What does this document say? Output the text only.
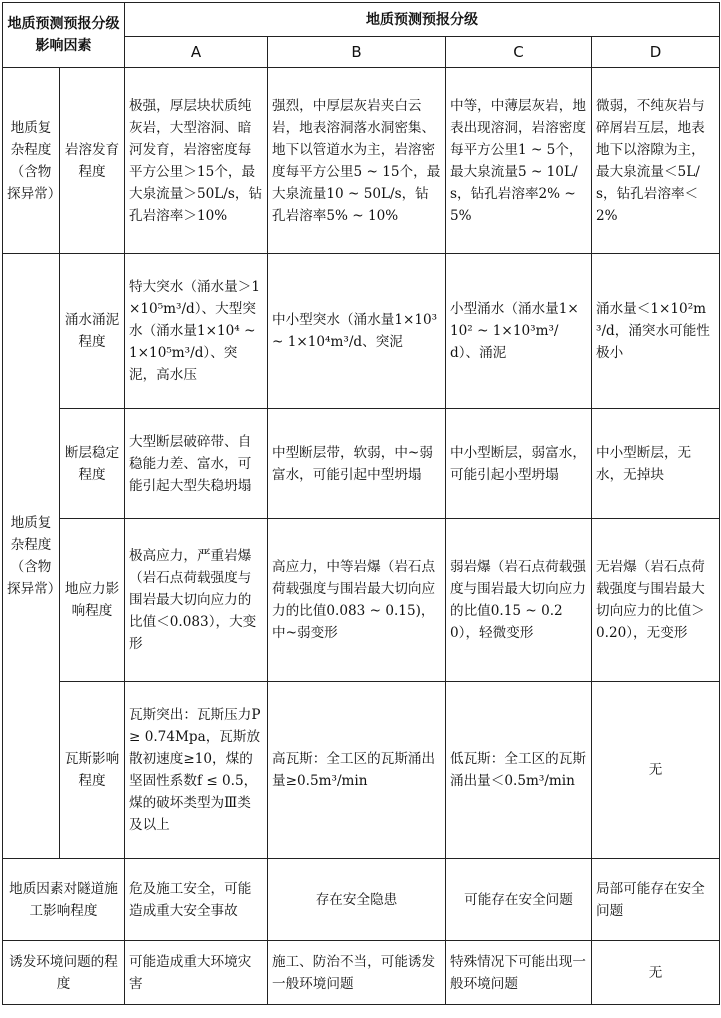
地质预测预报分级影响因素		地质预测预报分级			
		A	B	C	D
地质复杂程度（含物探异常）	岩溶发育程度	极强，厚层块状质纯灰岩，大型溶洞、暗河发育，岩溶密度每平方公里＞15个，最大泉流量＞50L/s，钻孔岩溶率＞10%	强烈，中厚层灰岩夹白云岩，地表溶洞落水洞密集、地下以管道水为主，岩溶密度每平方公里5 ~ 15个，最大泉流量10 ~ 50L/s，钻孔岩溶率5% ~ 10%	中等，中薄层灰岩，地表出现溶洞，岩溶密度每平方公里1 ~ 5个，最大泉流量5 ~ 10L/s，钻孔岩溶率2% ~ 5%	微弱，不纯灰岩与碎屑岩互层，地表地下以溶隙为主，最大泉流量＜5L/s，钻孔岩溶率＜2%
地质复杂程度（含物探异常）	涌水涌泥程度	特大突水（涌水量＞1×10⁵m³/d）、大型突水（涌水量1×10⁴ ~ 1×10⁵m³/d）、突泥，高水压	中小型突水（涌水量1×10³ ~ 1×10⁴m³/d、突泥	小型涌水（涌水量1×10² ~ 1×10³m³/d）、涌泥	涌水量＜1×10²m³/d，涌突水可能性极小
	断层稳定程度	大型断层破碎带、自稳能力差、富水，可能引起大型失稳坍塌	中型断层带，软弱，中~弱富水，可能引起中型坍塌	中小型断层，弱富水，可能引起小型坍塌	中小型断层，无水，无掉块
	地应力影响程度	极高应力，严重岩爆（岩石点荷载强度与围岩最大切向应力的比值＜0.083），大变形	高应力，中等岩爆（岩石点荷载强度与围岩最大切向应力的比值0.083 ~ 0.15)，中~弱变形	弱岩爆（岩石点荷载强度与围岩最大切向应力的比值0.15 ~ 0.20），轻微变形	无岩爆（岩石点荷载强度与围岩最大切向应力的比值＞0.20），无变形
	瓦斯影响程度	瓦斯突出：瓦斯压力P ≥ 0.74Mpa，瓦斯放散初速度≥10，煤的坚固性系数f ≤ 0.5，煤的破坏类型为Ⅲ类及以上	高瓦斯：全工区的瓦斯涌出量≥0.5m³/min	低瓦斯：全工区的瓦斯涌出量＜0.5m³/min	无
地质因素对隧道施工影响程度		危及施工安全，可能造成重大安全事故	存在安全隐患	可能存在安全问题	局部可能存在安全问题
诱发环境问题的程度		可能造成重大环境灾害	施工、防治不当，可能诱发一般环境问题	特殊情况下可能出现一般环境问题	无
